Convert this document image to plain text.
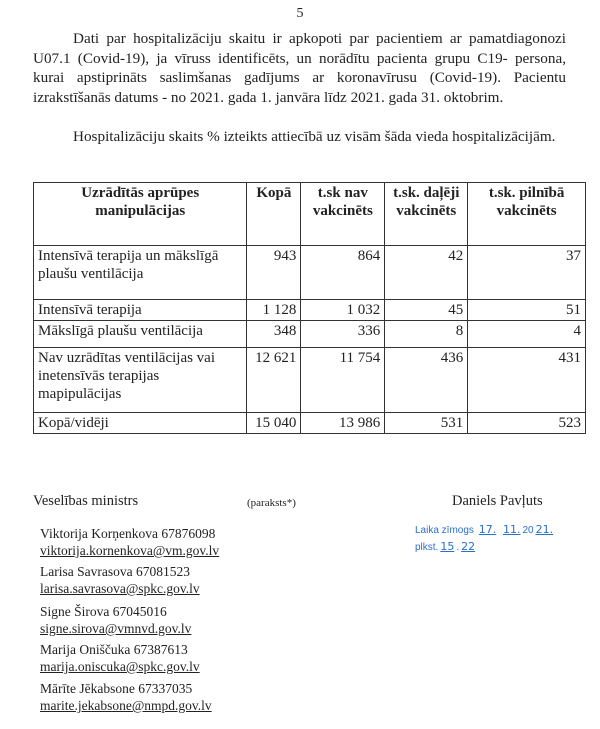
5
Dati par hospitalizāciju skaitu ir apkopoti par pacientiem ar pamatdiagonozi U07.1 (Covid-19), ja vīruss identificēts, un norādītu pacienta grupu C19- persona, kurai apstiprināts saslimšanas gadījums ar koronavīrusu (Covid-19). Pacientu izrakstīšanās datums - no 2021. gada 1. janvāra līdz 2021. gada 31. oktobrim.
Hospitalizāciju skaits % izteikts attiecībā uz visām šāda vieda hospitalizācijām.
Uzrādītās aprūpes manipulācijas	Kopā	t.sk nav vakcinēts	t.sk. daļēji vakcinēts	t.sk. pilnībā vakcinēts
Intensīvā terapija un mākslīgā plaušu ventilācija	943	864	42	37
Intensīvā terapija	1 128	1 032	45	51
Mākslīgā plaušu ventilācija	348	336	8	4
Nav uzrādītas ventilācijas vai inetensīvās terapijas mapipulācijas	12 621	11 754	436	431
Kopā/vidēji	15 040	13 986	531	523
Veselības ministrs	(paraksts*)	Daniels Pavļuts
Laika zīmogs 17. 11. 20 21.
plkst. 15 . 22
Viktorija Korņenkova 67876098
viktorija.kornenkova@vm.gov.lv
Larisa Savrasova 67081523
larisa.savrasova@spkc.gov.lv
Signe Širova 67045016
signe.sirova@vmnvd.gov.lv
Marija Oniščuka 67387613
marija.oniscuka@spkc.gov.lv
Mārīte Jēkabsone 67337035
marite.jekabsone@nmpd.gov.lv
